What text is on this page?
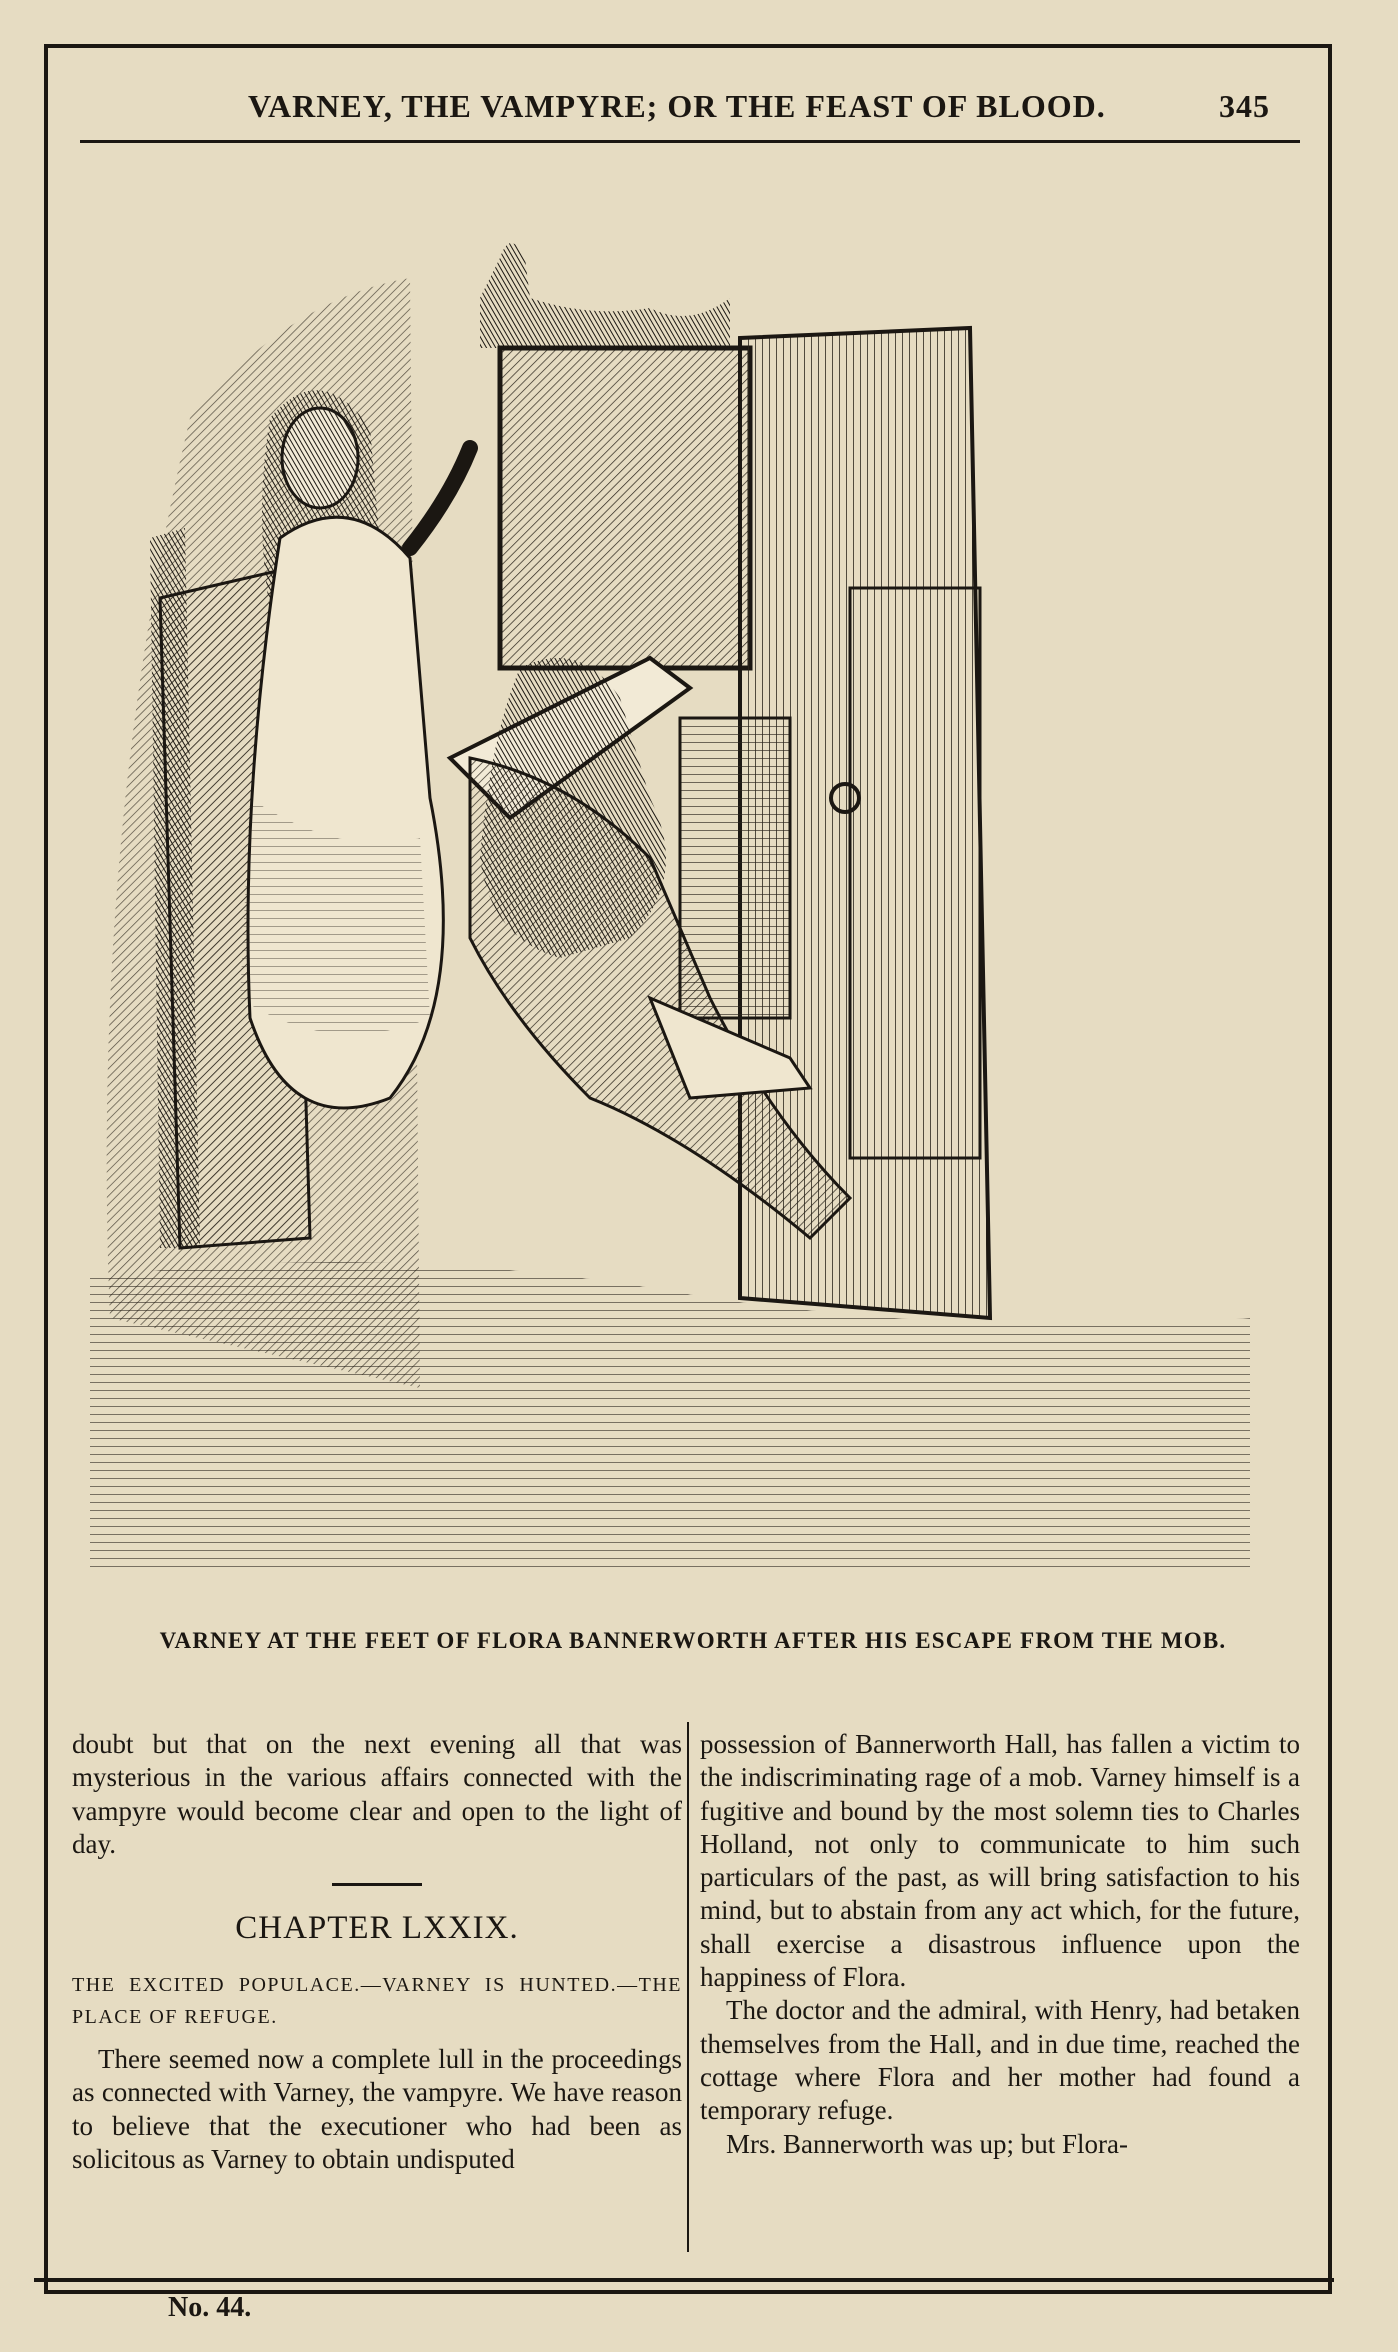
VARNEY, THE VAMPYRE; OR THE FEAST OF BLOOD.	345
VARNEY AT THE FEET OF FLORA BANNERWORTH AFTER HIS ESCAPE FROM THE MOB.

doubt but that on the next evening all that was mysterious in the various affairs connected with the vampyre would become clear and open to the light of day.

CHAPTER LXXIX.
THE EXCITED POPULACE.—VARNEY IS HUNTED.—THE PLACE OF REFUGE.

There seemed now a complete lull in the proceedings as connected with Varney, the vampyre. We have reason to believe that the executioner who had been as solicitous as Varney to obtain undisputed

possession of Bannerworth Hall, has fallen a victim to the indiscriminating rage of a mob. Varney himself is a fugitive and bound by the most solemn ties to Charles Holland, not only to communicate to him such particulars of the past, as will bring satisfaction to his mind, but to abstain from any act which, for the future, shall exercise a disastrous influence upon the happiness of Flora.

The doctor and the admiral, with Henry, had betaken themselves from the Hall, and in due time, reached the cottage where Flora and her mother had found a temporary refuge.

Mrs. Bannerworth was up; but Flora-

No. 44.
